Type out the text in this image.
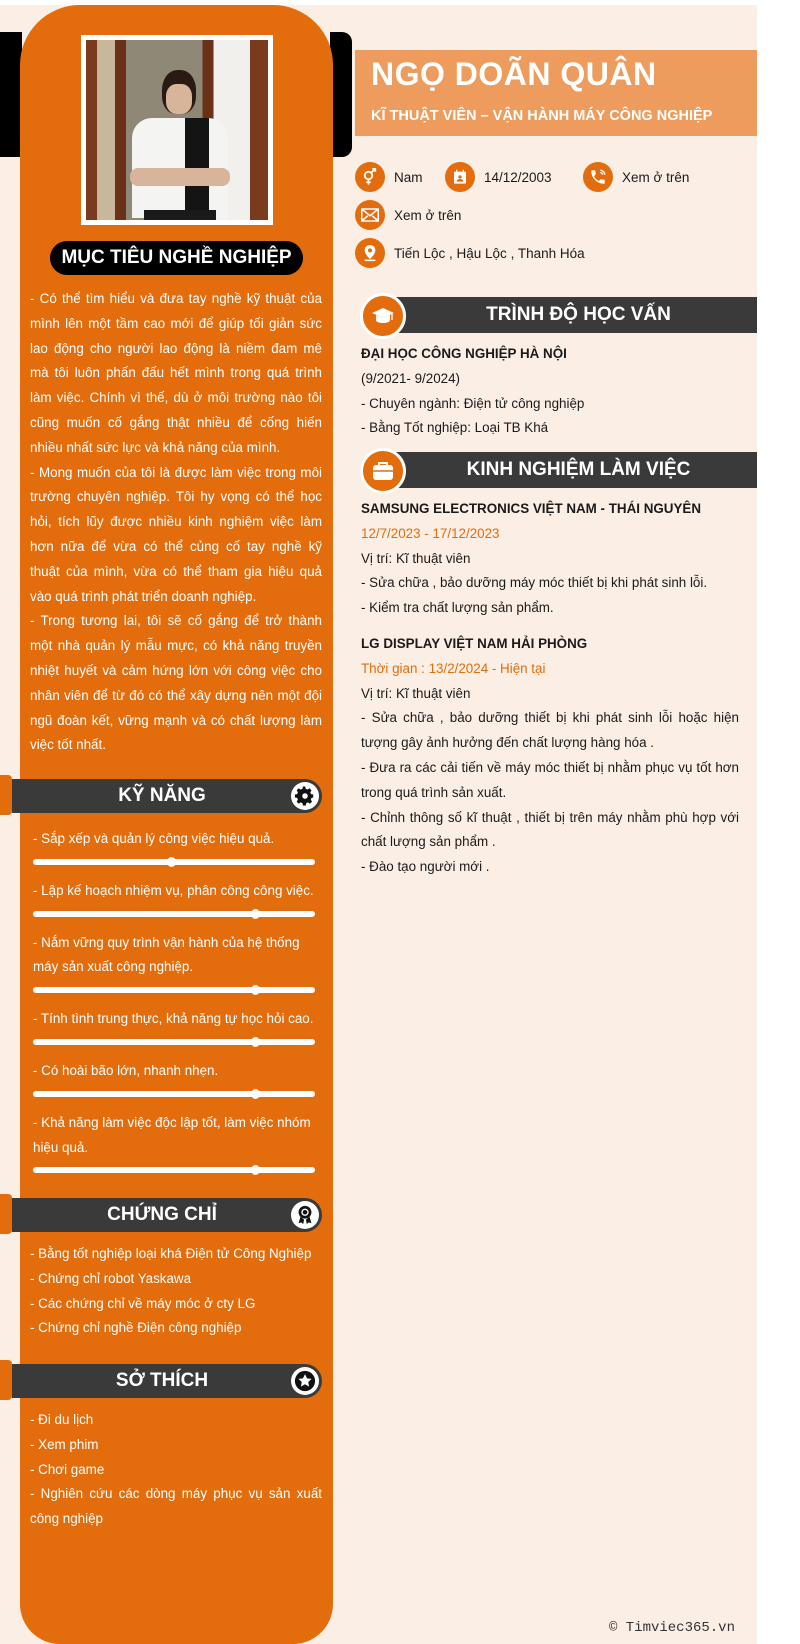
MỤC TIÊU NGHỀ NGHIỆP

- Có thể tìm hiểu và đưa tay nghề kỹ thuật của mình lên một tầm cao mới để giúp tối giản sức lao động cho người lao động là niềm đam mê mà tôi luôn phấn đấu hết mình trong quá trình làm việc. Chính vì thế, dù ở môi trường nào tôi cũng muốn cố gắng thật nhiều để cống hiến nhiều nhất sức lực và khả năng của mình.

- Mong muốn của tôi là được làm việc trong môi trường chuyên nghiệp. Tôi hy vọng có thể học hỏi, tích lũy được nhiều kinh nghiệm việc làm hơn nữa để vừa có thể củng cố tay nghề kỹ thuật của mình, vừa có thể tham gia hiệu quả vào quá trình phát triển doanh nghiệp.

- Trong tương lai, tôi sẽ cố gắng để trở thành một nhà quản lý mẫu mực, có khả năng truyền nhiệt huyết và cảm hứng lớn với công việc cho nhân viên để từ đó có thể xây dựng nên một đội ngũ đoàn kết, vững mạnh và có chất lượng làm việc tốt nhất.

KỸ NĂNG
- Sắp xếp và quản lý công việc hiệu quả.
- Lập kế hoạch nhiệm vụ, phân công công việc.
- Nắm vững quy trình vận hành của hệ thống máy sản xuất công nghiệp.
- Tính tình trung thực, khả năng tự học hỏi cao.
- Có hoài bão lớn, nhanh nhẹn.
- Khả năng làm việc độc lập tốt, làm việc nhóm hiệu quả.
CHỨNG CHỈ
- Bằng tốt nghiệp loại khá Điện tử Công Nghiệp
- Chứng chỉ robot Yaskawa
- Các chứng chỉ về máy móc ở cty LG
- Chứng chỉ nghề Điện công nghiệp
SỞ THÍCH
- Đi du lịch
- Xem phim
- Chơi game
- Nghiên cứu các dòng máy phục vụ sản xuất công nghiệp
NGỌ DOÃN QUÂN
KĨ THUẬT VIÊN – VẬN HÀNH MÁY CÔNG NGHIỆP
Nam	14/12/2003	Xem ở trên
Xem ở trên
Tiến Lộc , Hậu Lộc , Thanh Hóa
TRÌNH ĐỘ HỌC VẤN
ĐẠI HỌC CÔNG NGHIỆP HÀ NỘI
(9/2021- 9/2024)
- Chuyên ngành: Điện tử công nghiệp
- Bằng Tốt nghiệp: Loại TB Khá
KINH NGHIỆM LÀM VIỆC
SAMSUNG ELECTRONICS VIỆT NAM - THÁI NGUYÊN
12/7/2023 - 17/12/2023
Vị trí: Kĩ thuật viên
- Sửa chữa , bảo dưỡng máy móc thiết bị khi phát sinh lỗi.
- Kiểm tra chất lượng sản phẩm.
LG DISPLAY VIỆT NAM HẢI PHÒNG
Thời gian : 13/2/2024 - Hiện tại
Vị trí: Kĩ thuật viên
- Sửa chữa , bảo dưỡng thiết bị khi phát sinh lỗi hoặc hiện tượng gây ảnh hưởng đến chất lượng hàng hóa .
- Đưa ra các cải tiến về máy móc thiết bị nhằm phục vụ tốt hơn trong quá trình sản xuất.
- Chỉnh thông số kĩ thuật , thiết bị trên máy nhằm phù hợp với chất lượng sản phẩm .
- Đào tạo người mới .
© Timviec365.vn
